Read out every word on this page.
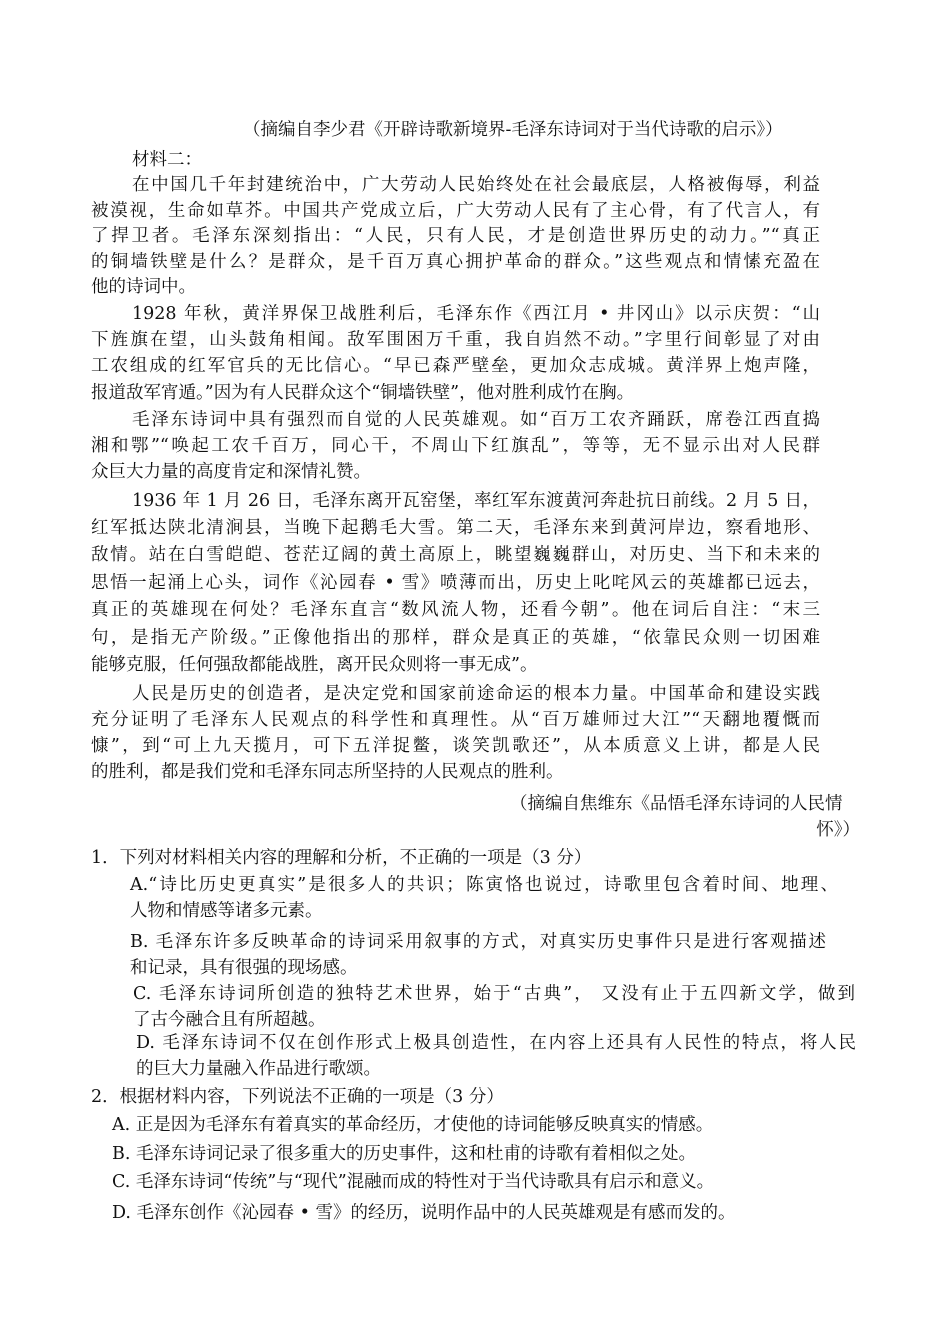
（摘编自李少君《开辟诗歌新境界-毛泽东诗词对于当代诗歌的启示》）
材料二：
在中国几千年封建统治中，广大劳动人民始终处在社会最底层，人格被侮辱，利益
被漠视，生命如草芥。中国共产党成立后，广大劳动人民有了主心骨，有了代言人，有
了捍卫者。毛泽东深刻指出：“人民，只有人民，才是创造世界历史的动力。”“真正
的铜墙铁壁是什么？是群众，是千百万真心拥护革命的群众。”这些观点和情愫充盈在
他的诗词中。
1928 年秋，黄洋界保卫战胜利后，毛泽东作《西江月 • 井冈山》以示庆贺：“山
下旌旗在望，山头鼓角相闻。敌军围困万千重，我自岿然不动。”字里行间彰显了对由
工农组成的红军官兵的无比信心。“早已森严壁垒，更加众志成城。黄洋界上炮声隆，
报道敌军宵遁。”因为有人民群众这个“铜墙铁壁”，他对胜利成竹在胸。
毛泽东诗词中具有强烈而自觉的人民英雄观。如“百万工农齐踊跃，席卷江西直捣
湘和鄂”“唤起工农千百万，同心干，不周山下红旗乱”，等等，无不显示出对人民群
众巨大力量的高度肯定和深情礼赞。
1936 年 1 月 26 日，毛泽东离开瓦窑堡，率红军东渡黄河奔赴抗日前线。2 月 5 日，
红军抵达陕北清涧县，当晚下起鹅毛大雪。第二天，毛泽东来到黄河岸边，察看地形、
敌情。站在白雪皑皑、苍茫辽阔的黄土高原上，眺望巍巍群山，对历史、当下和未来的
思悟一起涌上心头，词作《沁园春 • 雪》喷薄而出，历史上叱咤风云的英雄都已远去，
真正的英雄现在何处？毛泽东直言“数风流人物，还看今朝”。他在词后自注：“末三
句，是指无产阶级。”正像他指出的那样，群众是真正的英雄，“依靠民众则一切困难
能够克服，任何强敌都能战胜，离开民众则将一事无成”。
人民是历史的创造者，是决定党和国家前途命运的根本力量。中国革命和建设实践
充分证明了毛泽东人民观点的科学性和真理性。从“百万雄师过大江”“天翻地覆慨而
慷”，到“可上九天揽月，可下五洋捉鳖，谈笑凯歌还”，从本质意义上讲，都是人民
的胜利，都是我们党和毛泽东同志所坚持的人民观点的胜利。
（摘编自焦维东《品悟毛泽东诗词的人民情
怀》）
1．下列对材料相关内容的理解和分析，不正确的一项是（3 分）
A.“诗比历史更真实”是很多人的共识；陈寅恪也说过，诗歌里包含着时间、地理、
人物和情感等诸多元素。
B. 毛泽东许多反映革命的诗词采用叙事的方式，对真实历史事件只是进行客观描述
和记录，具有很强的现场感。
C. 毛泽东诗词所创造的独特艺术世界，始于“古典”， 又没有止于五四新文学，做到
了古今融合且有所超越。
D. 毛泽东诗词不仅在创作形式上极具创造性，在内容上还具有人民性的特点，将人民
的巨大力量融入作品进行歌颂。
2．根据材料内容，下列说法不正确的一项是（3 分）
A. 正是因为毛泽东有着真实的革命经历，才使他的诗词能够反映真实的情感。
B. 毛泽东诗词记录了很多重大的历史事件，这和杜甫的诗歌有着相似之处。
C. 毛泽东诗词“传统”与“现代”混融而成的特性对于当代诗歌具有启示和意义。
D. 毛泽东创作《沁园春 • 雪》的经历，说明作品中的人民英雄观是有感而发的。
